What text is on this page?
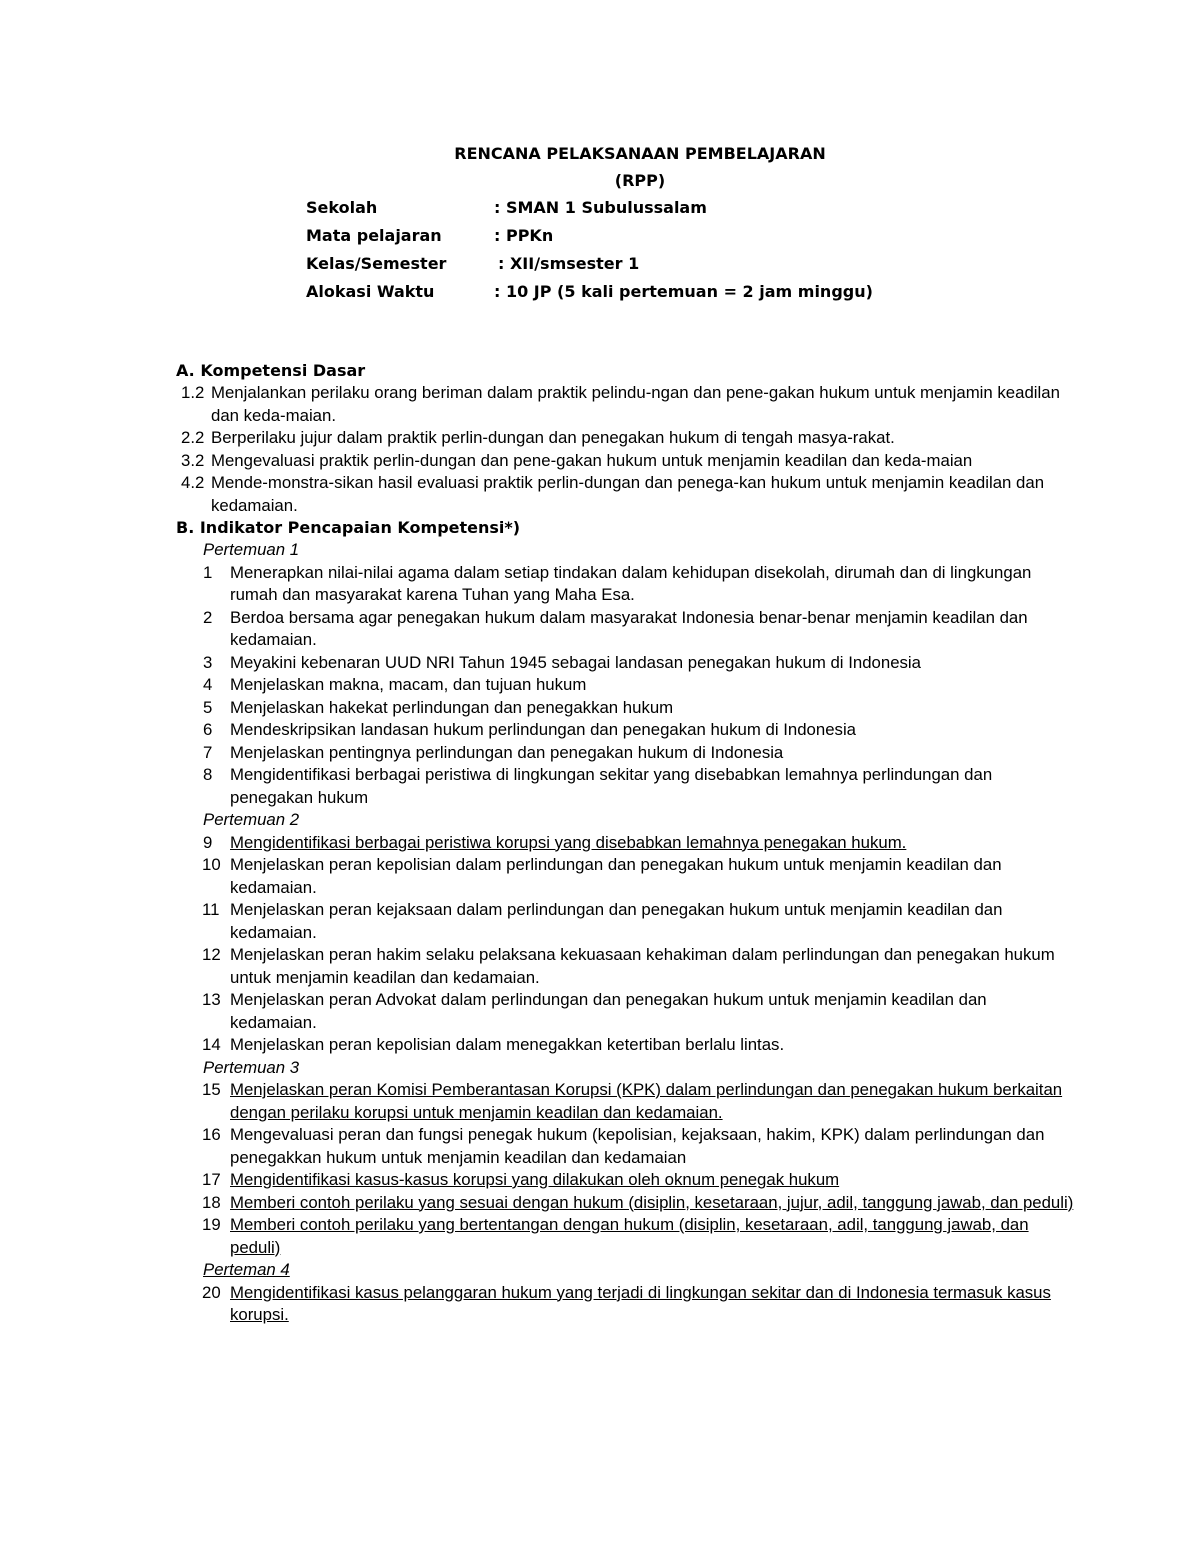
RENCANA PELAKSANAAN PEMBELAJARAN
(RPP)
Sekolah	: SMAN 1 Subulussalam
Mata pelajaran	: PPKn
Kelas/Semester	: XII/smsester 1
Alokasi Waktu	: 10 JP (5 kali pertemuan = 2 jam minggu)
A. Kompetensi Dasar
1.2 Menjalankan perilaku orang beriman dalam praktik pelindu-ngan dan pene-gakan hukum untuk menjamin keadilan dan keda-maian.
2.2 Berperilaku jujur dalam praktik perlin-dungan dan penegakan hukum di tengah masya-rakat.
3.2 Mengevaluasi praktik perlin-dungan dan pene-gakan hukum untuk menjamin keadilan dan keda-maian
4.2 Mende-monstra-sikan hasil evaluasi praktik perlin-dungan dan penega-kan hukum untuk menjamin keadilan dan kedamaian.
B. Indikator Pencapaian Kompetensi*)
Pertemuan 1
1 Menerapkan nilai-nilai agama dalam setiap tindakan dalam kehidupan disekolah, dirumah dan di lingkungan rumah dan masyarakat karena Tuhan yang Maha Esa.
2 Berdoa bersama agar penegakan hukum dalam masyarakat Indonesia benar-benar menjamin keadilan dan kedamaian.
3 Meyakini kebenaran UUD NRI Tahun 1945 sebagai landasan penegakan hukum di Indonesia
4 Menjelaskan makna, macam, dan tujuan hukum
5 Menjelaskan hakekat perlindungan dan penegakkan hukum
6 Mendeskripsikan landasan hukum perlindungan dan penegakan hukum di Indonesia
7 Menjelaskan pentingnya perlindungan dan penegakan hukum di Indonesia
8 Mengidentifikasi berbagai peristiwa di lingkungan sekitar yang disebabkan lemahnya perlindungan dan penegakan hukum
Pertemuan 2
9 Mengidentifikasi berbagai peristiwa korupsi yang disebabkan lemahnya penegakan hukum.
10 Menjelaskan peran kepolisian dalam perlindungan dan penegakan hukum untuk menjamin keadilan dan kedamaian.
11 Menjelaskan peran kejaksaan dalam perlindungan dan penegakan hukum untuk menjamin keadilan dan kedamaian.
12 Menjelaskan peran hakim selaku pelaksana kekuasaan kehakiman dalam perlindungan dan penegakan hukum untuk menjamin keadilan dan kedamaian.
13 Menjelaskan peran Advokat dalam perlindungan dan penegakan hukum untuk menjamin keadilan dan kedamaian.
14 Menjelaskan peran kepolisian dalam menegakkan ketertiban berlalu lintas.
Pertemuan 3
15 Menjelaskan peran Komisi Pemberantasan Korupsi (KPK) dalam perlindungan dan penegakan hukum berkaitan dengan perilaku korupsi untuk menjamin keadilan dan kedamaian.
16 Mengevaluasi peran dan fungsi penegak hukum (kepolisian, kejaksaan, hakim, KPK) dalam perlindungan dan penegakkan hukum untuk menjamin keadilan dan kedamaian
17 Mengidentifikasi kasus-kasus korupsi yang dilakukan oleh oknum penegak hukum
18 Memberi contoh perilaku yang sesuai dengan hukum (disiplin, kesetaraan, jujur, adil, tanggung jawab, dan peduli)
19 Memberi contoh perilaku yang bertentangan dengan hukum (disiplin, kesetaraan, adil, tanggung jawab, dan peduli)
Perteman 4
20 Mengidentifikasi kasus pelanggaran hukum yang terjadi di lingkungan sekitar dan di Indonesia termasuk kasus korupsi.
